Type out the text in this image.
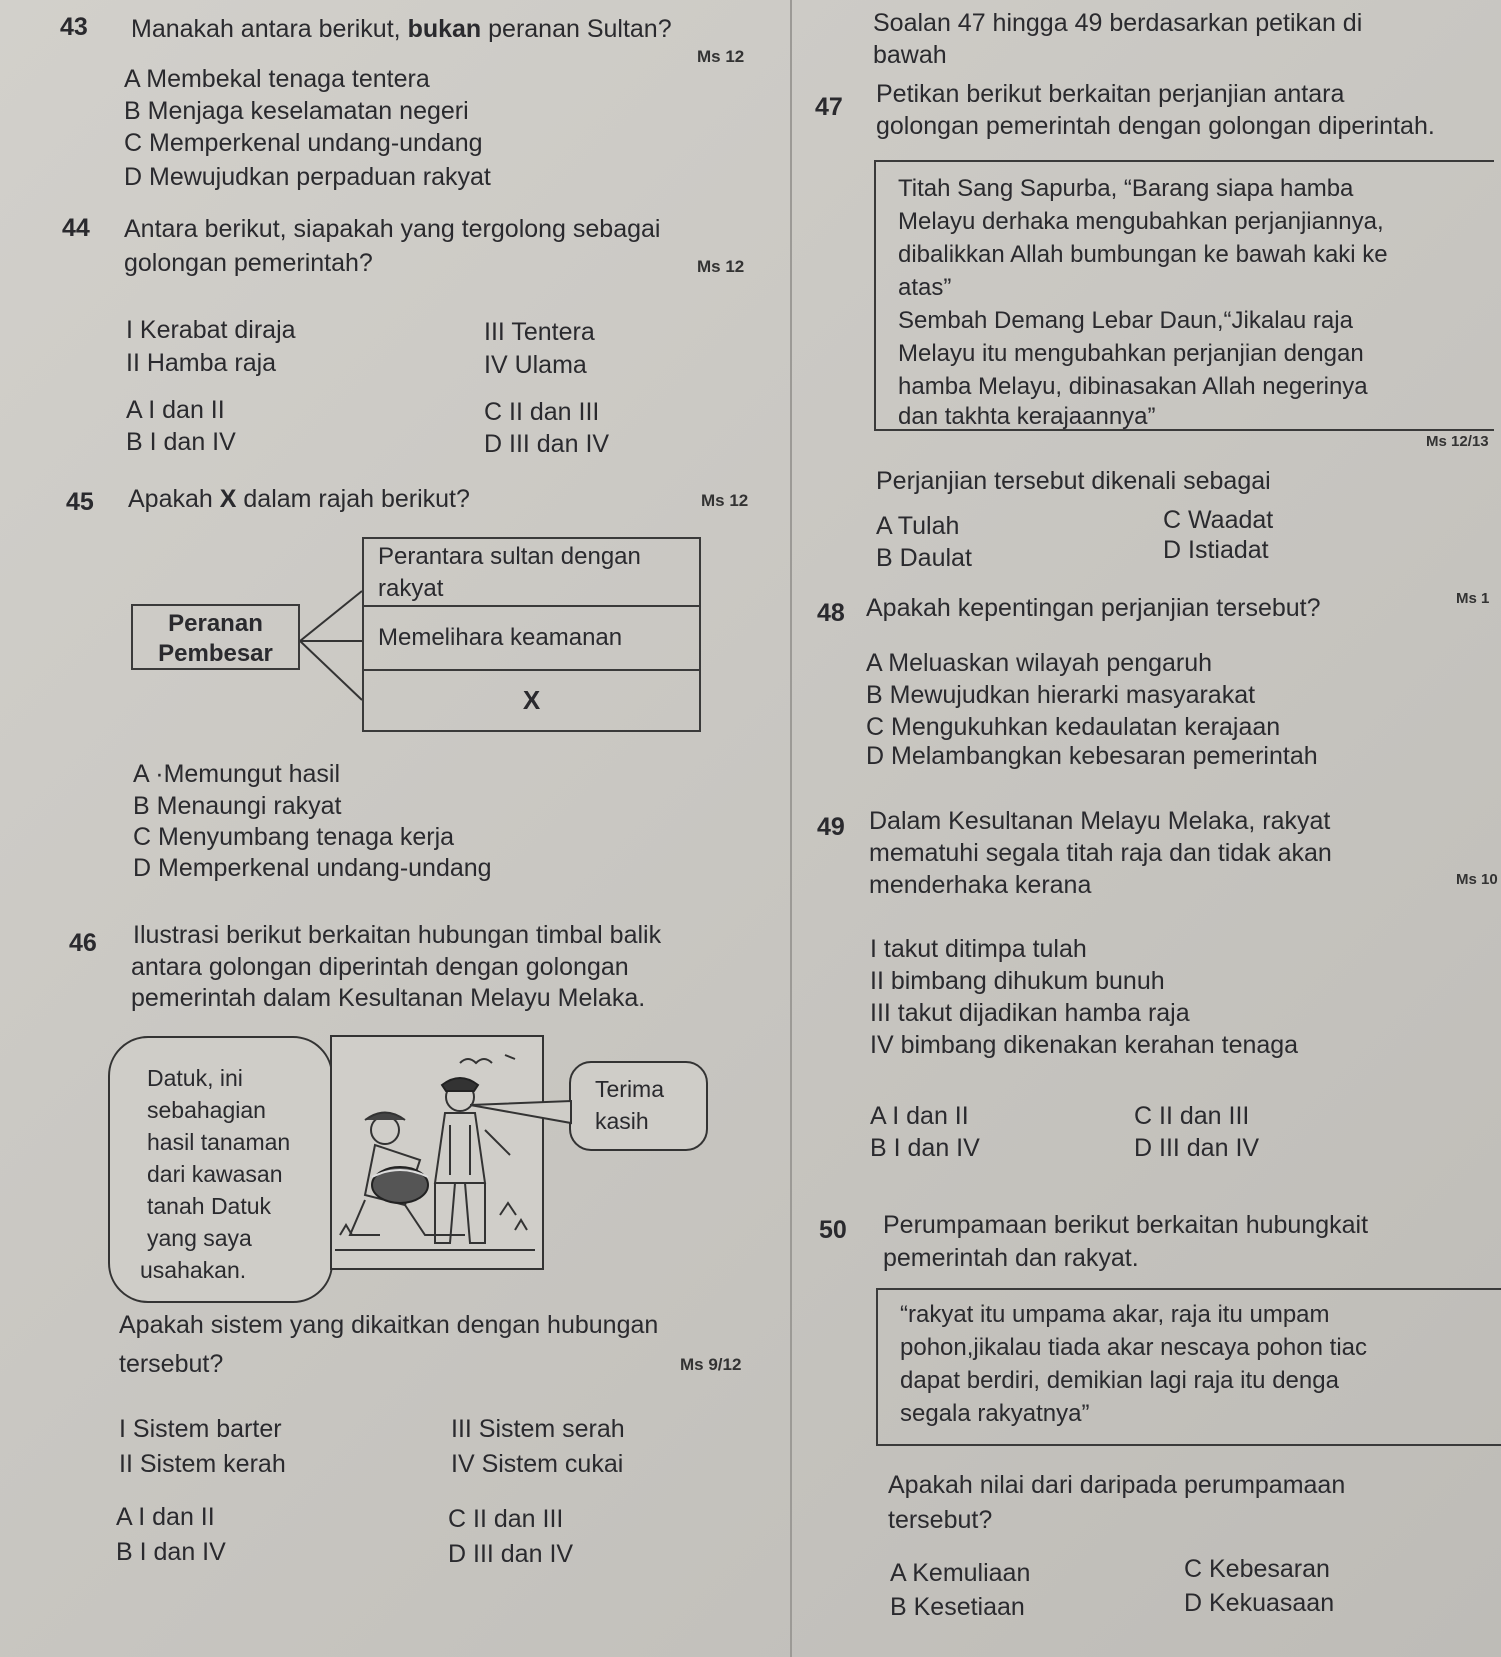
43 Manakah antara berikut, bukan peranan Sultan?
Ms 12
A Membekal tenaga tentera
B Menjaga keselamatan negeri
C Memperkenal undang-undang
D Mewujudkan perpaduan rakyat
44 Antara berikut, siapakah yang tergolong sebagai
golongan pemerintah?	Ms 12
I Kerabat diraja
II Hamba raja
III Tentera
IV Ulama
A I dan II
B I dan IV
C II dan III
D III dan IV
45 Apakah X dalam rajah berikut?	Ms 12
Peranan
Pembesar
Perantara sultan dengan
rakyat
Memelihara keamanan
X
A ·Memungut hasil
B Menaungi rakyat
C Menyumbang tenaga kerja
D Memperkenal undang-undang
46 Ilustrasi berikut berkaitan hubungan timbal balik
antara golongan diperintah dengan golongan
pemerintah dalam Kesultanan Melayu Melaka.
Datuk, ini
sebahagian
hasil tanaman
dari kawasan
tanah Datuk
yang saya
usahakan.
Terima
kasih
Apakah sistem yang dikaitkan dengan hubungan
tersebut?	Ms 9/12
I Sistem barter
II Sistem kerah
III Sistem serah
IV Sistem cukai
A I dan II
B I dan IV
C II dan III
D III dan IV
Soalan 47 hingga 49 berdasarkan petikan di
bawah
47 Petikan berikut berkaitan perjanjian antara
golongan pemerintah dengan golongan diperintah.
Titah Sang Sapurba, “Barang siapa hamba
Melayu derhaka mengubahkan perjanjiannya,
dibalikkan Allah bumbungan ke bawah kaki ke
atas”
Sembah Demang Lebar Daun,“Jikalau raja
Melayu itu mengubahkan perjanjian dengan
hamba Melayu, dibinasakan Allah negerinya
dan takhta kerajaannya”
Ms 12/13
Perjanjian tersebut dikenali sebagai
A Tulah
B Daulat
C Waadat
D Istiadat
48 Apakah kepentingan perjanjian tersebut?	Ms 1
A Meluaskan wilayah pengaruh
B Mewujudkan hierarki masyarakat
C Mengukuhkan kedaulatan kerajaan
D Melambangkan kebesaran pemerintah
49 Dalam Kesultanan Melayu Melaka, rakyat
mematuhi segala titah raja dan tidak akan
menderhaka kerana	Ms 10
I takut ditimpa tulah
II bimbang dihukum bunuh
III takut dijadikan hamba raja
IV bimbang dikenakan kerahan tenaga
A I dan II
B I dan IV
C II dan III
D III dan IV
50 Perumpamaan berikut berkaitan hubungkait
pemerintah dan rakyat.
“rakyat itu umpama akar, raja itu umpam
pohon,jikalau tiada akar nescaya pohon tiac
dapat berdiri, demikian lagi raja itu denga
segala rakyatnya”
Apakah nilai dari daripada perumpamaan
tersebut?
A Kemuliaan
B Kesetiaan
C Kebesaran
D Kekuasaan
